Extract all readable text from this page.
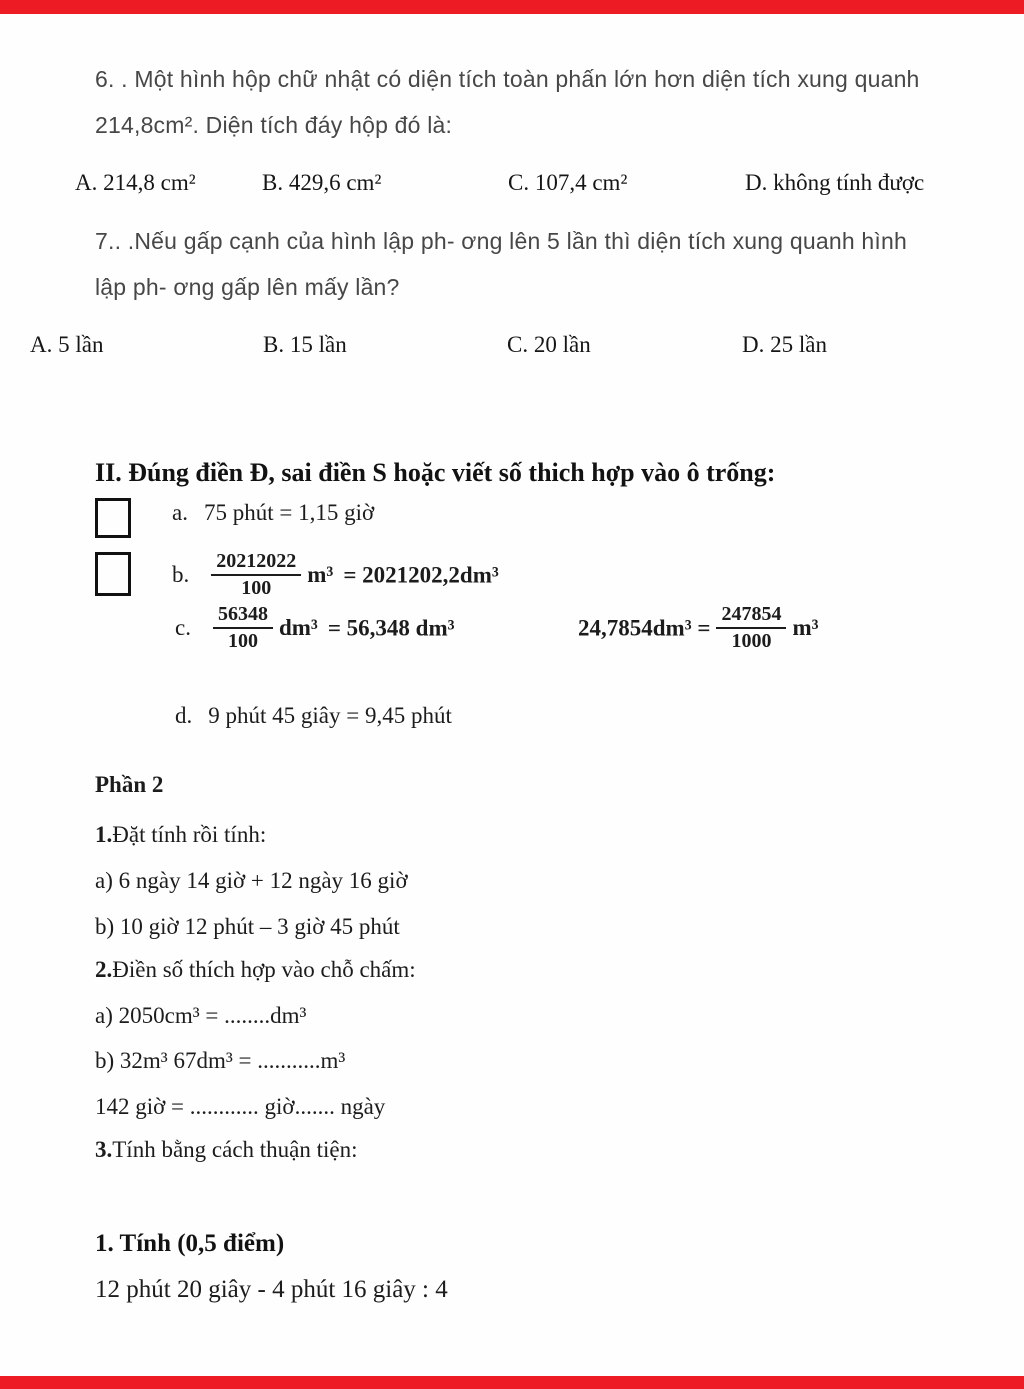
6. . Một hình hộp chữ nhật có diện tích toàn phấn lớn hơn diện tích xung quanh
214,8cm². Diện tích đáy hộp đó là:
A. 214,8 cm²	B. 429,6 cm²	C. 107,4 cm²	D. không tính được
7.. .Nếu gấp cạnh của hình lập ph- ơng lên 5 lần thì diện tích xung quanh hình
lập ph- ơng gấp lên mấy lần?
A. 5 lần	B. 15 lần	C. 20 lần	D. 25 lần
II. Đúng điền Đ, sai điền S hoặc viết số thich hợp vào ô trống:
a. 75 phút = 1,15 giờ
b. $\frac{20212022}{100} m^3 = 2021202,2dm^3$
c. $\frac{56348}{100} dm^3 = 56,348$ dm³	$24,7854dm^3 = \frac{247854}{1000} m^3$
d. 9 phút 45 giây = 9,45 phút
Phần 2
1.Đặt tính rồi tính:
a) 6 ngày 14 giờ + 12 ngày 16 giờ
b) 10 giờ 12 phút – 3 giờ 45 phút
2.Điền số thích hợp vào chỗ chấm:
a) 2050cm³ = ........dm³
b) 32m³ 67dm³ = ...........m³
142 giờ = ............ giờ....... ngày
3.Tính bằng cách thuận tiện:
1. Tính (0,5 điểm)
12 phút 20 giây - 4 phút 16 giây : 4
